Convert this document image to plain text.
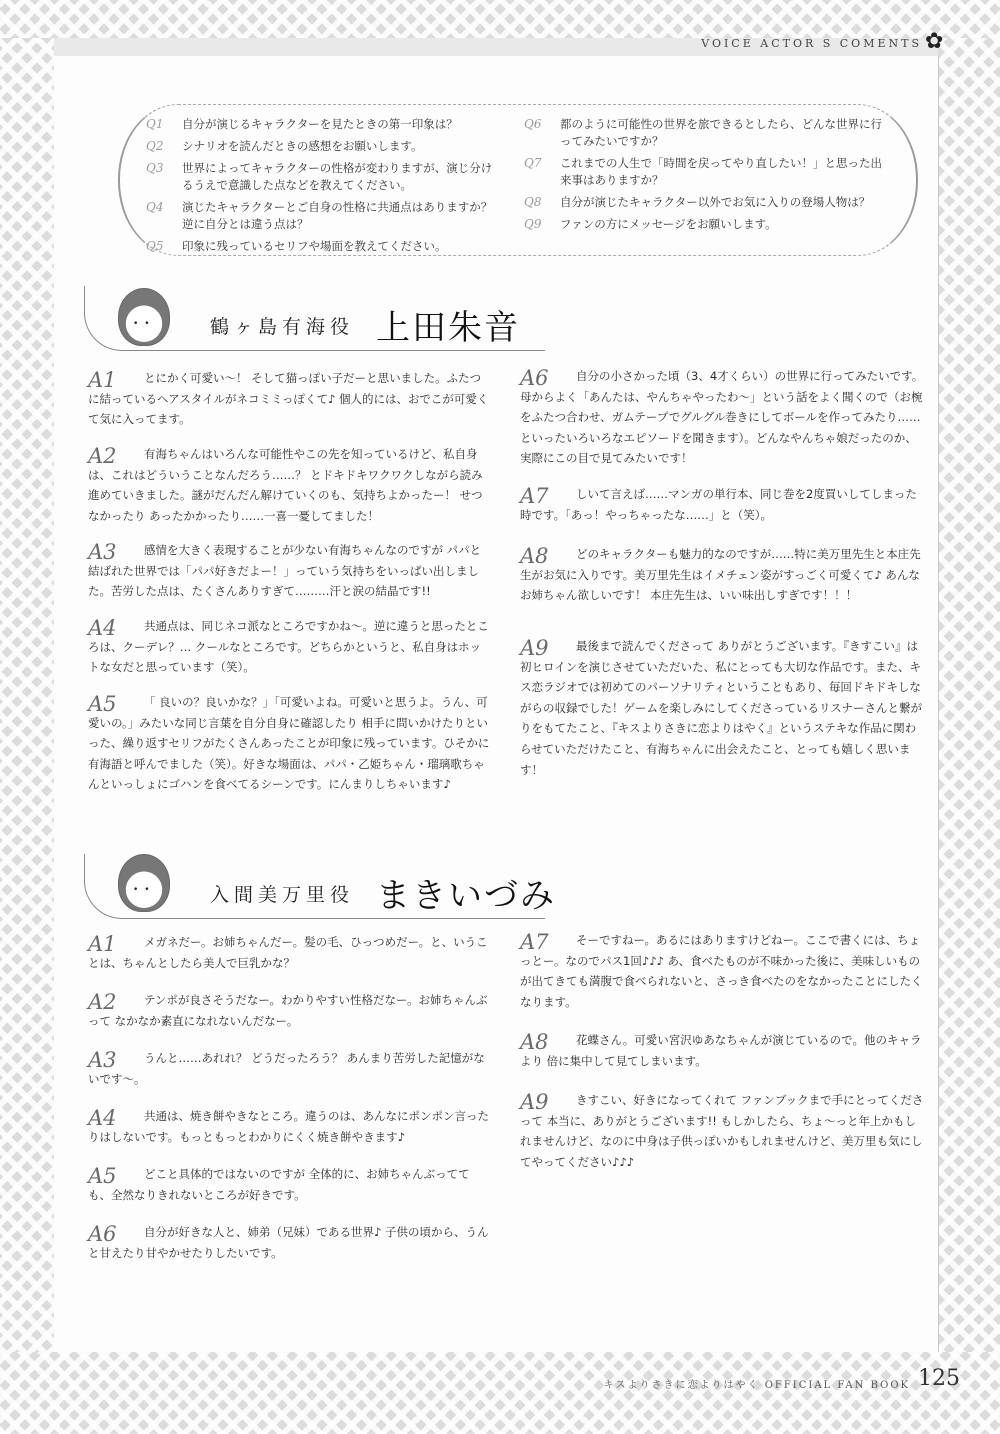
VOICE ACTOR S COMENTS ✿
Q1	自分が演じるキャラクターを見たときの第一印象は？
Q2	シナリオを読んだときの感想をお願いします。
Q3	世界によってキャラクターの性格が変わりますが、演じ分けるうえで意識した点などを教えてください。
Q4	演じたキャラクターとご自身の性格に共通点はありますか？ 逆に自分とは違う点は？
Q5	印象に残っているセリフや場面を教えてください。
Q6	都のように可能性の世界を旅できるとしたら、どんな世界に行ってみたいですか？
Q7	これまでの人生で「時間を戻ってやり直したい！」と思った出来事はありますか？
Q8	自分が演じたキャラクター以外でお気に入りの登場人物は？
Q9	ファンの方にメッセージをお願いします。
••	鶴ヶ島有海役 上田朱音
A1	とにかく可愛い～！ そして猫っぽい子だーと思いました。ふたつに結っているヘアスタイルがネコミミっぽくて♪ 個人的には、おでこが可愛くて気に入ってます。
A2	有海ちゃんはいろんな可能性やこの先を知っているけど、私自身は、これはどういうことなんだろう……？ とドキドキワクワクしながら読み進めていきました。謎がだんだん解けていくのも、気持ちよかったー！ せつなかったり あったかかったり……一喜一憂してました！
A3	感情を大きく表現することが少ない有海ちゃんなのですが パパと結ばれた世界では「パパ好きだよー！」っていう気持ちをいっぱい出しました。苦労した点は、たくさんありすぎて………汗と涙の結晶です!!
A4	共通点は、同じネコ派なところですかね～。逆に違うと思ったところは、クーデレ？… クールなところです。どちらかというと、私自身はホットな女だと思っています（笑）。
A5	「 良いの？良いかな？」「可愛いよね。可愛いと思うよ。うん、可愛いの。」みたいな同じ言葉を自分自身に確認したり 相手に問いかけたりといった、繰り返すセリフがたくさんあったことが印象に残っています。ひそかに有海語と呼んでました（笑）。好きな場面は、パパ・乙姫ちゃん・瑠璃歌ちゃんといっしょにゴハンを食べてるシーンです。にんまりしちゃいます♪
A6	自分の小さかった頃（3、4才くらい）の世界に行ってみたいです。母からよく「あんたは、やんちゃやったわ～」という話をよく聞くので（お椀をふたつ合わせ、ガムテープでグルグル巻きにしてボールを作ってみたり……といったいろいろなエピソードを聞きます）。どんなやんちゃ娘だったのか、実際にこの目で見てみたいです！
A7	しいて言えば……マンガの単行本、同じ巻を2度買いしてしまった時です。「あっ！やっちゃったな……」と（笑）。
A8	どのキャラクターも魅力的なのですが……特に美万里先生と本庄先生がお気に入りです。美万里先生はイメチェン姿がすっごく可愛くて♪ あんなお姉ちゃん欲しいです！ 本庄先生は、いい味出しすぎです！！！
A9	最後まで読んでくださって ありがとうございます。『きすこい』は初ヒロインを演じさせていただいた、私にとっても大切な作品です。また、キス恋ラジオでは初めてのパーソナリティということもあり、毎回ドキドキしながらの収録でした！ゲームを楽しみにしてくださっているリスナーさんと繋がりをもてたこと、『キスよりさきに恋よりはやく』というステキな作品に関わらせていただけたこと、有海ちゃんに出会えたこと、とっても嬉しく思います！
••	入間美万里役 まきいづみ
A1	メガネだー。お姉ちゃんだー。髪の毛、ひっつめだー。と、いうことは、ちゃんとしたら美人で巨乳かな？
A2	テンポが良さそうだなー。わかりやすい性格だなー。お姉ちゃんぶって なかなか素直になれないんだなー。
A3	うんと……あれれ？ どうだったろう？ あんまり苦労した記憶がないです～。
A4	共通は、焼き餅やきなところ。違うのは、あんなにポンポン言ったりはしないです。もっともっとわかりにくく焼き餅やきます♪
A5	どこと具体的ではないのですが 全体的に、お姉ちゃんぶってても、全然なりきれないところが好きです。
A6	自分が好きな人と、姉弟（兄妹）である世界♪ 子供の頃から、うんと甘えたり甘やかせたりしたいです。
A7	そーですねー。あるにはありますけどねー。ここで書くには、ちょっとー。なのでパス1回♪♪♪ あ、食べたものが不味かった後に、美味しいものが出てきても満腹で食べられないと、さっき食べたのをなかったことにしたくなります。
A8	花蝶さん。可愛い宮沢ゆあなちゃんが演じているので。他のキャラより 倍に集中して見てしまいます。
A9	きすこい、好きになってくれて ファンブックまで手にとってくださって 本当に、ありがとうございます!! もしかしたら、ちょ～っと年上かもしれませんけど、なのに中身は子供っぽいかもしれませんけど、美万里も気にしてやってください♪♪♪
キスよりさきに恋よりはやく OFFICIAL FAN BOOK 125
